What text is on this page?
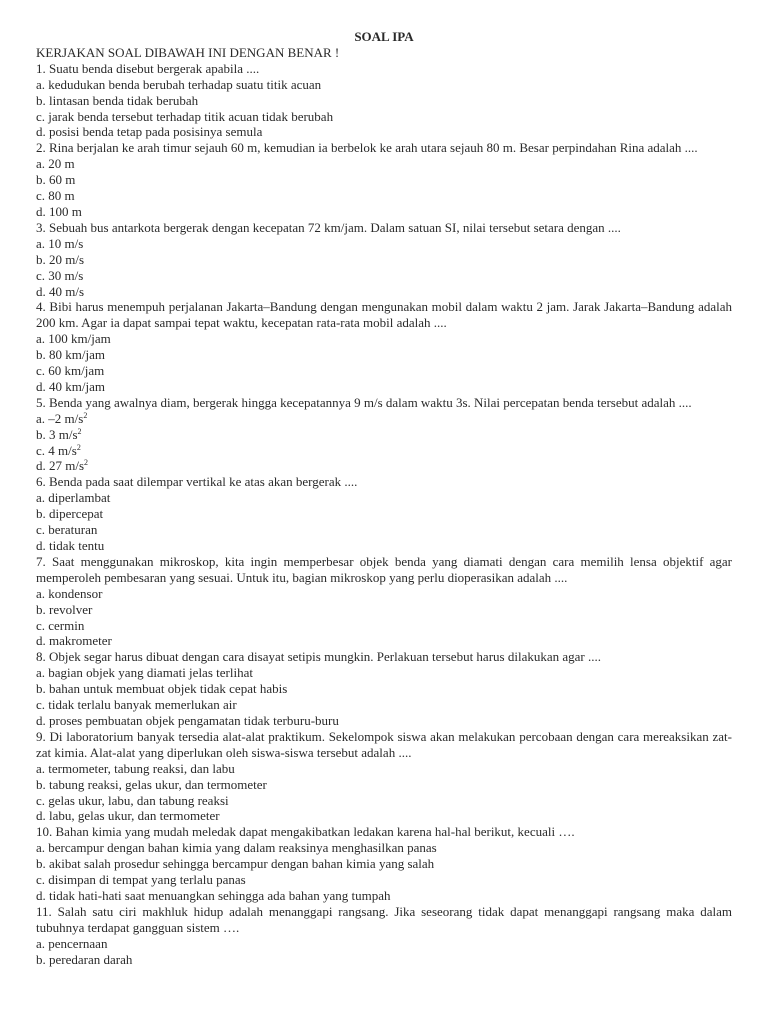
SOAL IPA
KERJAKAN SOAL DIBAWAH INI DENGAN BENAR !
1. Suatu benda disebut bergerak apabila ....
a. kedudukan benda berubah terhadap suatu titik acuan
b. lintasan benda tidak berubah
c. jarak benda tersebut terhadap titik acuan tidak berubah
d. posisi benda tetap pada posisinya semula
2. Rina berjalan ke arah timur sejauh 60 m, kemudian ia berbelok ke arah utara sejauh 80 m. Besar perpindahan Rina adalah ....
a. 20 m
b. 60 m
c. 80 m
d. 100 m
3. Sebuah bus antarkota bergerak dengan kecepatan 72 km/jam. Dalam satuan SI, nilai tersebut setara dengan ....
a. 10 m/s
b. 20 m/s
c. 30 m/s
d. 40 m/s
4. Bibi harus menempuh perjalanan Jakarta–Bandung dengan mengunakan mobil dalam waktu 2 jam. Jarak Jakarta–Bandung adalah 200 km. Agar ia dapat sampai tepat waktu, kecepatan rata-rata mobil adalah ....
a. 100 km/jam
b. 80 km/jam
c. 60 km/jam
d. 40 km/jam
5. Benda yang awalnya diam, bergerak hingga kecepatannya 9 m/s dalam waktu 3s. Nilai percepatan benda tersebut adalah ....
a. –2 $m/s^2$
b. 3 $m/s^2$
c. 4 $m/s^2$
d. 27 $m/s^2$
6. Benda pada saat dilempar vertikal ke atas akan bergerak ....
a. diperlambat
b. dipercepat
c. beraturan
d. tidak tentu
7. Saat menggunakan mikroskop, kita ingin memperbesar objek benda yang diamati dengan cara memilih lensa objektif agar memperoleh pembesaran yang sesuai. Untuk itu, bagian mikroskop yang perlu dioperasikan adalah ....
a. kondensor
b. revolver
c. cermin
d. makrometer
8. Objek segar harus dibuat dengan cara disayat setipis mungkin. Perlakuan tersebut harus dilakukan agar ....
a. bagian objek yang diamati jelas terlihat
b. bahan untuk membuat objek tidak cepat habis
c. tidak terlalu banyak memerlukan air
d. proses pembuatan objek pengamatan tidak terburu-buru
9. Di laboratorium banyak tersedia alat-alat praktikum. Sekelompok siswa akan melakukan percobaan dengan cara mereaksikan zat-zat kimia. Alat-alat yang diperlukan oleh siswa-siswa tersebut adalah ....
a. termometer, tabung reaksi, dan labu
b. tabung reaksi, gelas ukur, dan termometer
c. gelas ukur, labu, dan tabung reaksi
d. labu, gelas ukur, dan termometer
10. Bahan kimia yang mudah meledak dapat mengakibatkan ledakan karena hal-hal berikut, kecuali ….
a. bercampur dengan bahan kimia yang dalam reaksinya menghasilkan panas
b. akibat salah prosedur sehingga bercampur dengan bahan kimia yang salah
c. disimpan di tempat yang terlalu panas
d. tidak hati-hati saat menuangkan sehingga ada bahan yang tumpah
11. Salah satu ciri makhluk hidup adalah menanggapi rangsang. Jika seseorang tidak dapat menanggapi rangsang maka dalam tubuhnya terdapat gangguan sistem ….
a. pencernaan
b. peredaran darah
